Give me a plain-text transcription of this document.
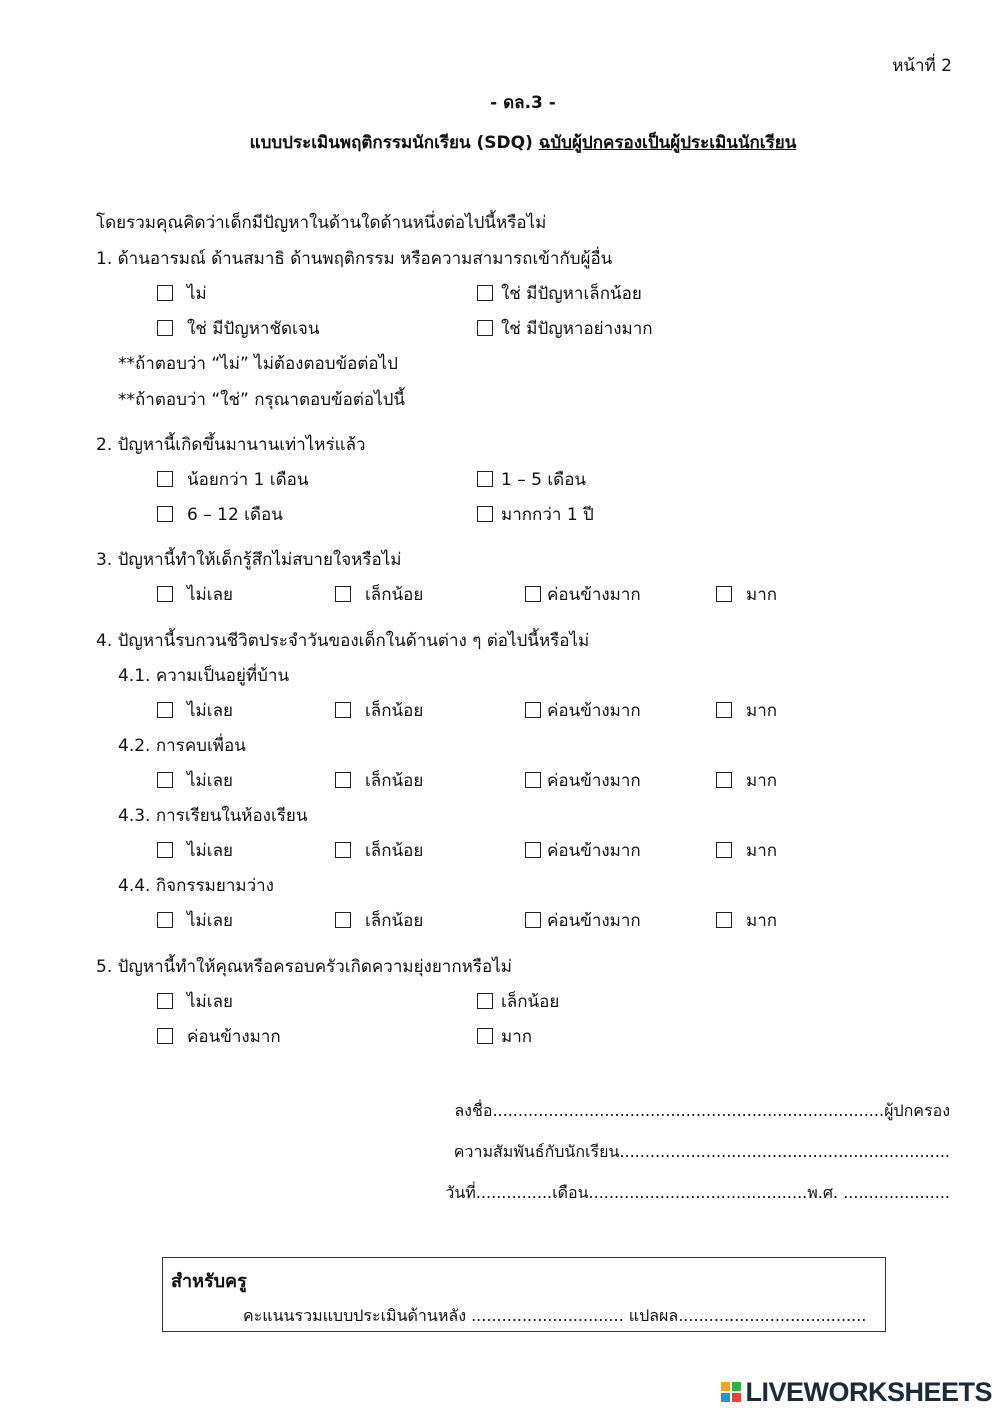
หน้าที่ 2
- ดล.3 -
แบบประเมินพฤติกรรมนักเรียน (SDQ) ฉบับผู้ปกครองเป็นผู้ประเมินนักเรียน
โดยรวมคุณคิดว่าเด็กมีปัญหาในด้านใดด้านหนึ่งต่อไปนี้หรือไม่
1. ด้านอารมณ์ ด้านสมาธิ ด้านพฤติกรรม หรือความสามารถเข้ากับผู้อื่น
ไม่	ใช่ มีปัญหาเล็กน้อย
ใช่ มีปัญหาชัดเจน	ใช่ มีปัญหาอย่างมาก
**ถ้าตอบว่า “ไม่” ไม่ต้องตอบข้อต่อไป
**ถ้าตอบว่า “ใช่” กรุณาตอบข้อต่อไปนี้
2. ปัญหานี้เกิดขึ้นมานานเท่าไหร่แล้ว
น้อยกว่า 1 เดือน	1 – 5 เดือน
6 – 12 เดือน	มากกว่า 1 ปี
3. ปัญหานี้ทำให้เด็กรู้สึกไม่สบายใจหรือไม่
ไม่เลย	เล็กน้อย	ค่อนข้างมาก	มาก
4. ปัญหานี้รบกวนชีวิตประจำวันของเด็กในด้านต่าง ๆ ต่อไปนี้หรือไม่
4.1. ความเป็นอยู่ที่บ้าน
ไม่เลย	เล็กน้อย	ค่อนข้างมาก	มาก
4.2. การคบเพื่อน
ไม่เลย	เล็กน้อย	ค่อนข้างมาก	มาก
4.3. การเรียนในห้องเรียน
ไม่เลย	เล็กน้อย	ค่อนข้างมาก	มาก
4.4. กิจกรรมยามว่าง
ไม่เลย	เล็กน้อย	ค่อนข้างมาก	มาก
5. ปัญหานี้ทำให้คุณหรือครอบครัวเกิดความยุ่งยากหรือไม่
ไม่เลย	เล็กน้อย
ค่อนข้างมาก	มาก
ลงชื่อ.............................................................................ผู้ปกครอง
ความสัมพันธ์กับนักเรียน.................................................................
วันที่...............เดือน...........................................พ.ศ. .....................
สำหรับครู
คะแนนรวมแบบประเมินด้านหลัง .............................. แปลผล.....................................
LIVEWORKSHEETS
